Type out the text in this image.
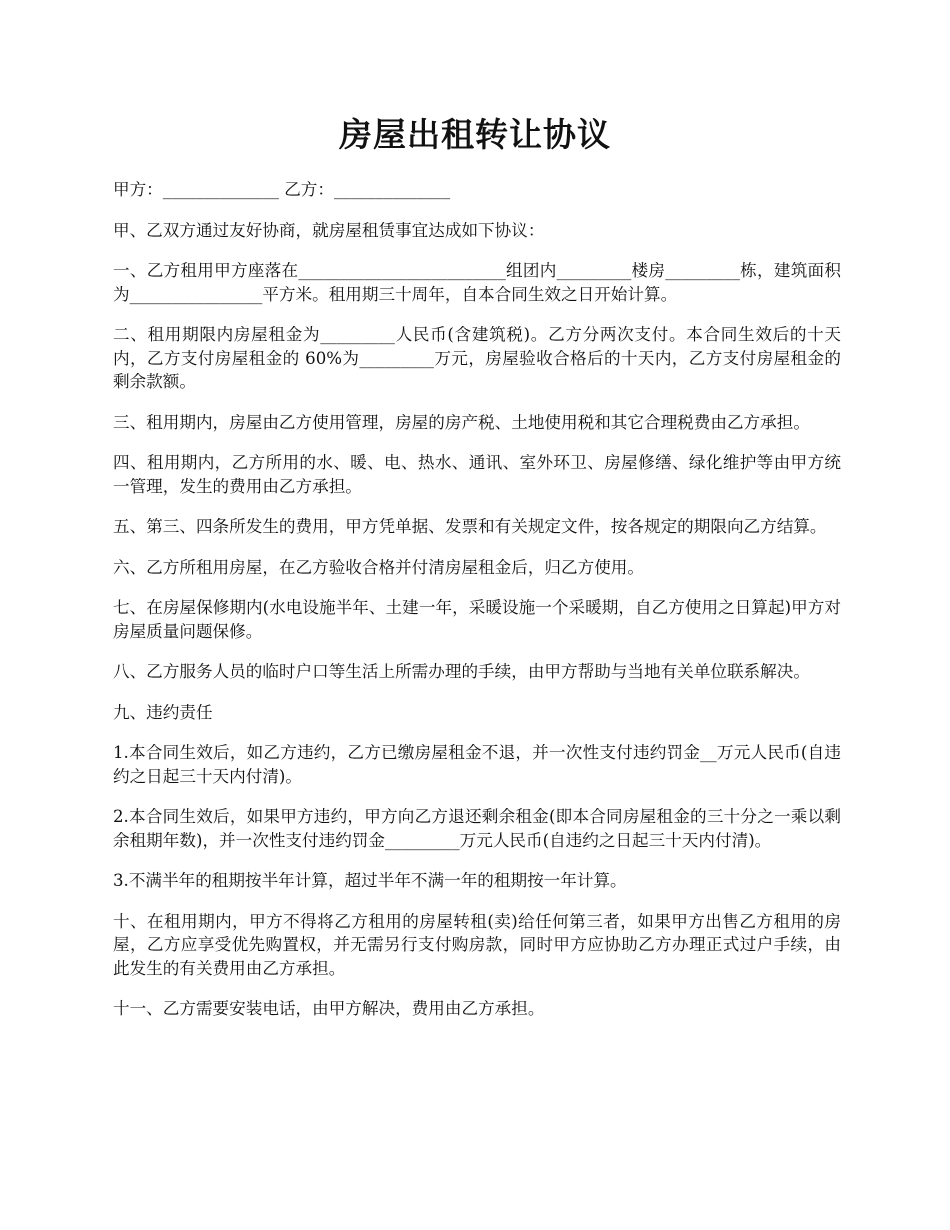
房屋出租转让协议

甲方：______________ 乙方：______________

甲、乙双方通过友好协商，就房屋租赁事宜达成如下协议：

一、乙方租用甲方座落在_________________________组团内_________楼房_________栋，建筑面积为________________平方米。租用期三十周年，自本合同生效之日开始计算。

二、租用期限内房屋租金为_________人民币(含建筑税)。乙方分两次支付。本合同生效后的十天内，乙方支付房屋租金的 60%为_________万元，房屋验收合格后的十天内，乙方支付房屋租金的剩余款额。

三、租用期内，房屋由乙方使用管理，房屋的房产税、土地使用税和其它合理税费由乙方承担。

四、租用期内，乙方所用的水、暖、电、热水、通讯、室外环卫、房屋修缮、绿化维护等由甲方统一管理，发生的费用由乙方承担。

五、第三、四条所发生的费用，甲方凭单据、发票和有关规定文件，按各规定的期限向乙方结算。

六、乙方所租用房屋，在乙方验收合格并付清房屋租金后，归乙方使用。

七、在房屋保修期内(水电设施半年、土建一年，采暖设施一个采暖期，自乙方使用之日算起)甲方对房屋质量问题保修。

八、乙方服务人员的临时户口等生活上所需办理的手续，由甲方帮助与当地有关单位联系解决。

九、违约责任

1.本合同生效后，如乙方违约，乙方已缴房屋租金不退，并一次性支付违约罚金__万元人民币(自违约之日起三十天内付清)。

2.本合同生效后，如果甲方违约，甲方向乙方退还剩余租金(即本合同房屋租金的三十分之一乘以剩余租期年数)，并一次性支付违约罚金_________万元人民币(自违约之日起三十天内付清)。

3.不满半年的租期按半年计算，超过半年不满一年的租期按一年计算。

十、在租用期内，甲方不得将乙方租用的房屋转租(卖)给任何第三者，如果甲方出售乙方租用的房屋，乙方应享受优先购置权，并无需另行支付购房款，同时甲方应协助乙方办理正式过户手续，由此发生的有关费用由乙方承担。

十一、乙方需要安装电话，由甲方解决，费用由乙方承担。
